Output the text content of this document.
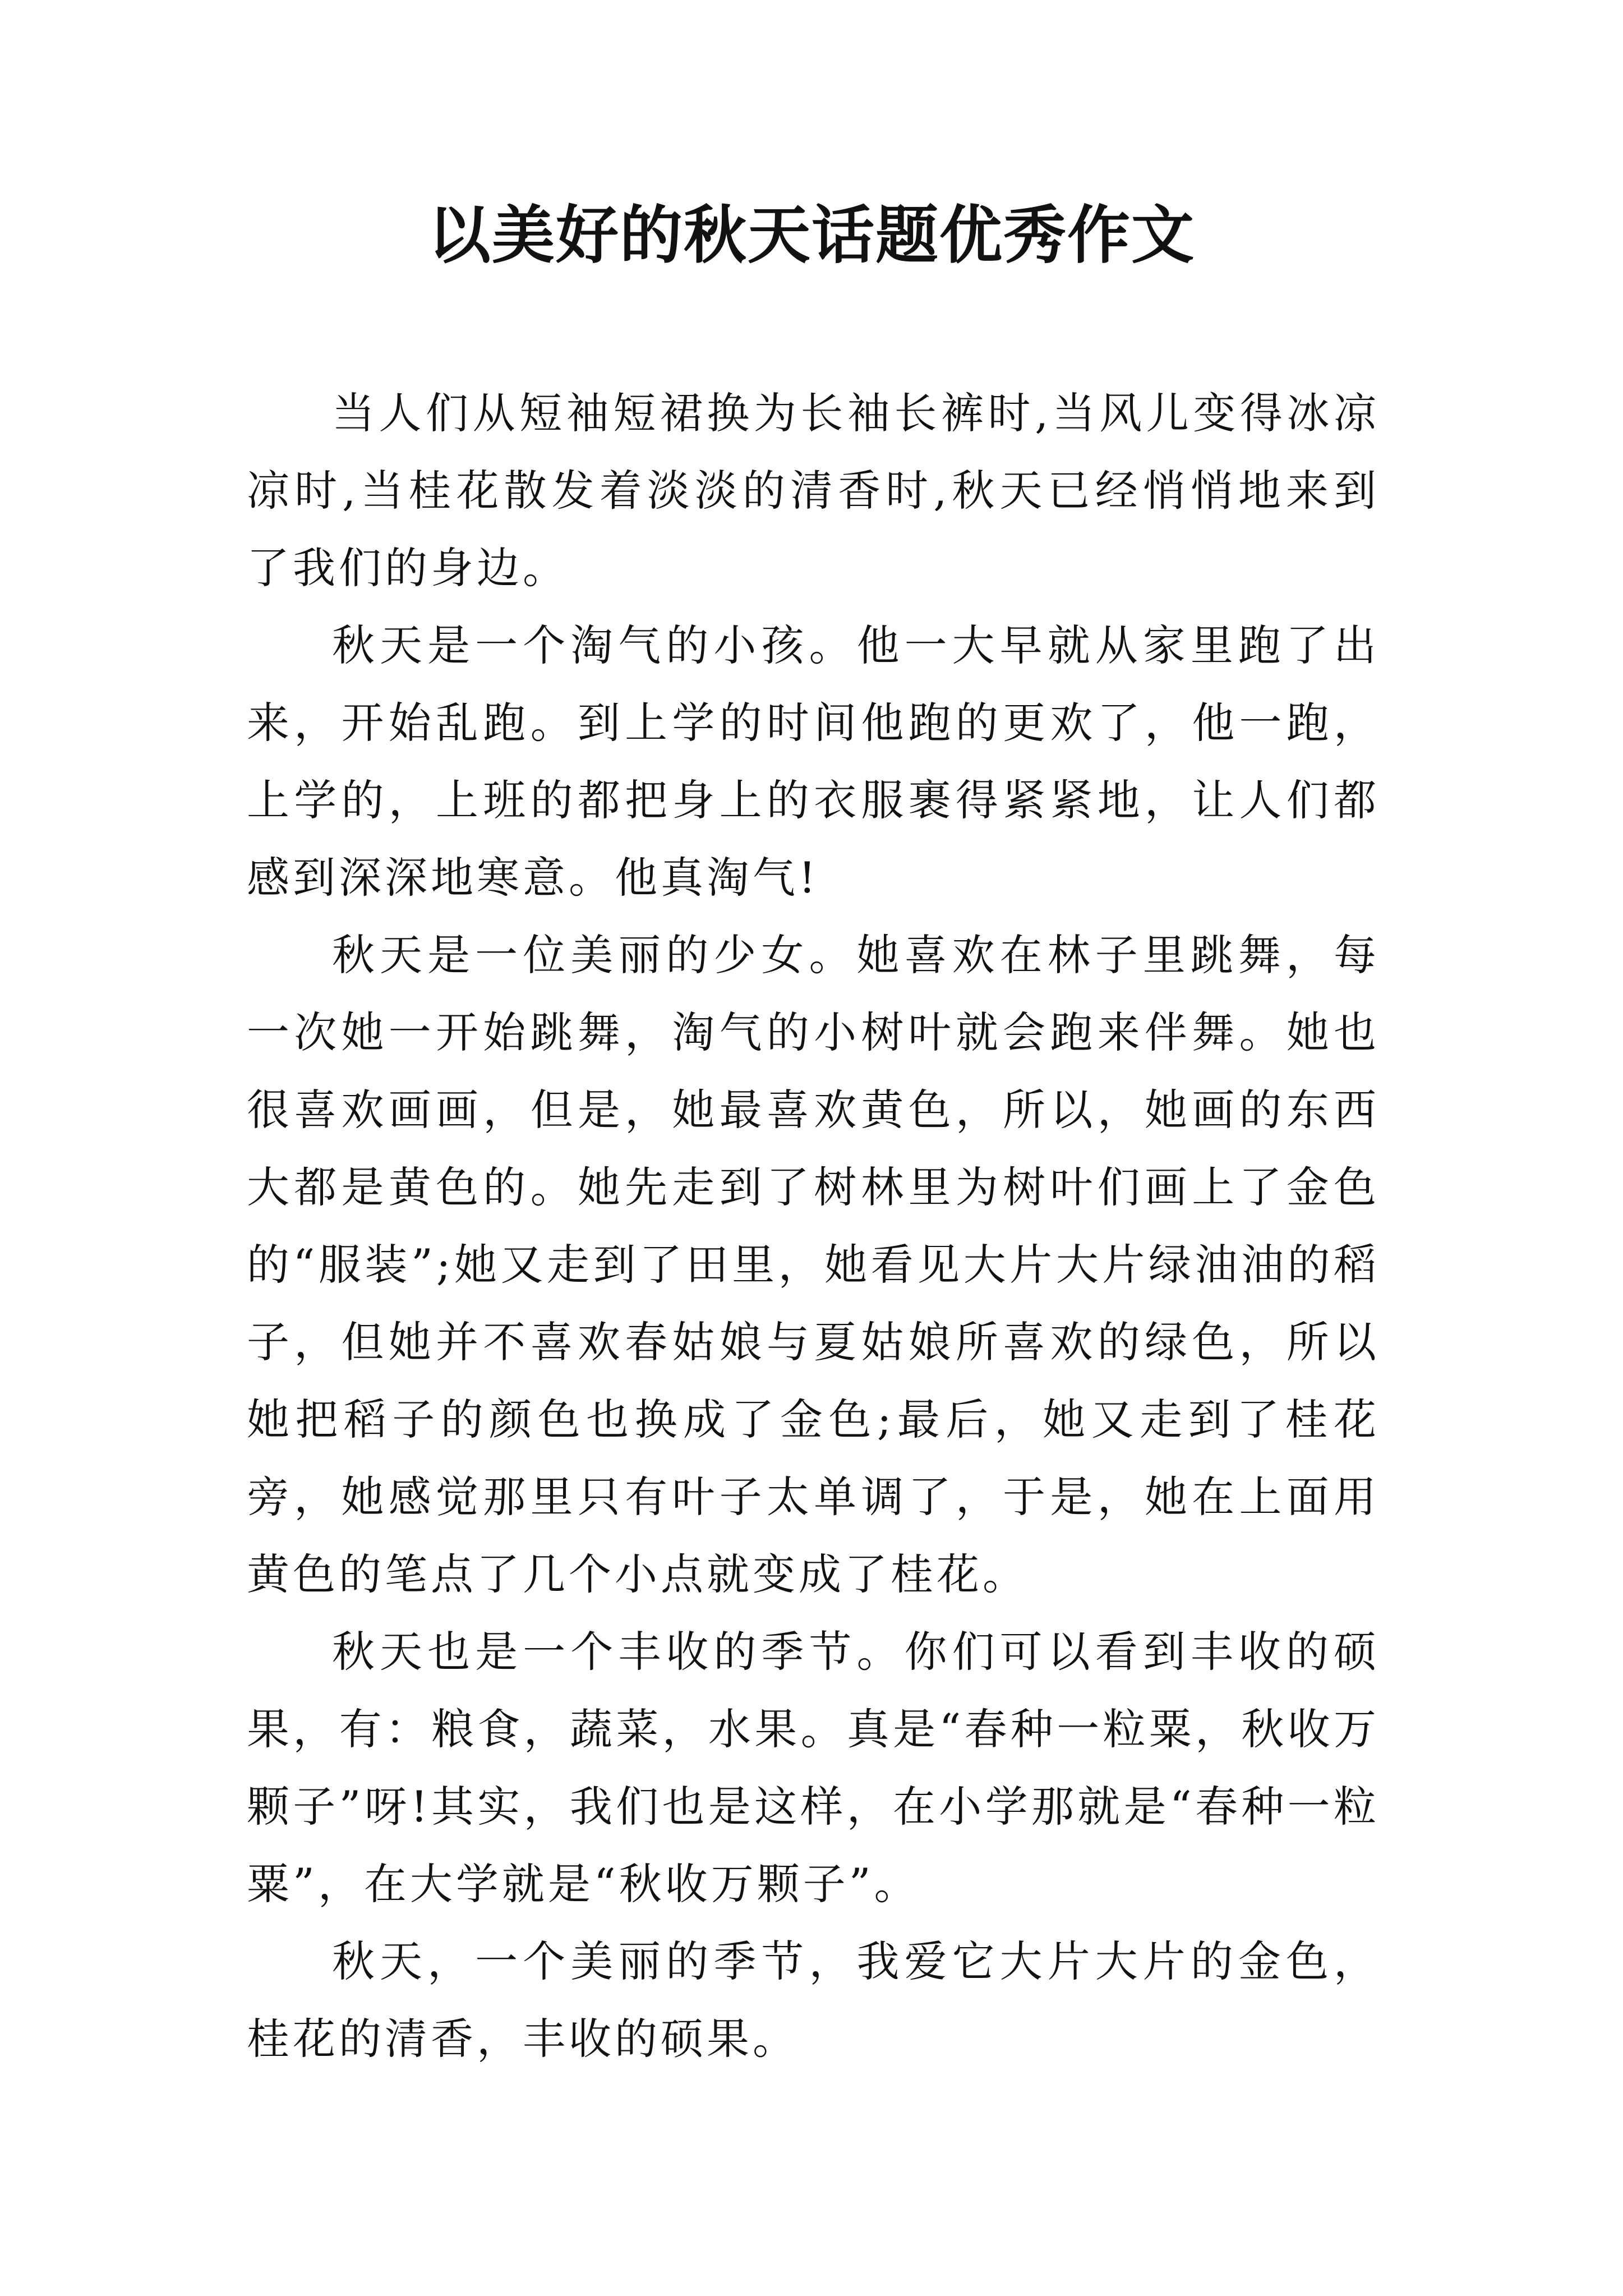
以美好的秋天话题优秀作文

当人们从短袖短裙换为长袖长裤时,当风儿变得冰凉凉时,当桂花散发着淡淡的清香时,秋天已经悄悄地来到了我们的身边。

秋天是一个淘气的小孩。他一大早就从家里跑了出来，开始乱跑。到上学的时间他跑的更欢了，他一跑，上学的，上班的都把身上的衣服裹得紧紧地，让人们都感到深深地寒意。他真淘气!

秋天是一位美丽的少女。她喜欢在林子里跳舞，每一次她一开始跳舞，淘气的小树叶就会跑来伴舞。她也很喜欢画画，但是，她最喜欢黄色，所以，她画的东西大都是黄色的。她先走到了树林里为树叶们画上了金色的“服装”;她又走到了田里，她看见大片大片绿油油的稻子，但她并不喜欢春姑娘与夏姑娘所喜欢的绿色，所以她把稻子的颜色也换成了金色;最后，她又走到了桂花旁，她感觉那里只有叶子太单调了，于是，她在上面用黄色的笔点了几个小点就变成了桂花。

秋天也是一个丰收的季节。你们可以看到丰收的硕果，有：粮食，蔬菜，水果。真是“春种一粒粟，秋收万颗子”呀!其实，我们也是这样，在小学那就是“春种一粒粟”，在大学就是“秋收万颗子”。

秋天，一个美丽的季节，我爱它大片大片的金色，桂花的清香，丰收的硕果。
